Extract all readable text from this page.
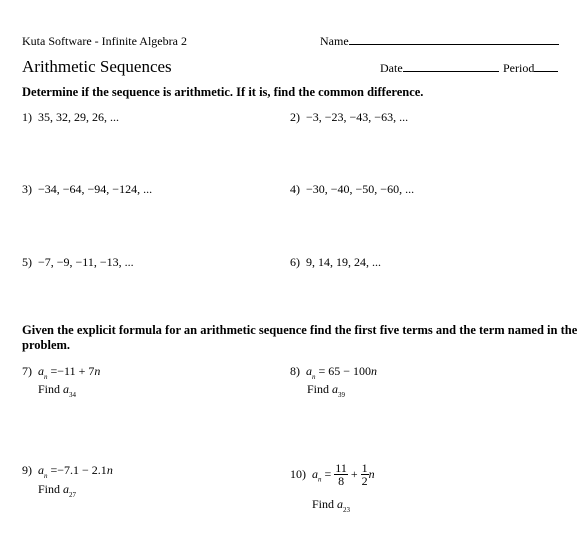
Kuta Software - Infinite Algebra 2	Name
Arithmetic Sequences	Date	Period
Determine if the sequence is arithmetic. If it is, find the common difference.
1) 35, 32, 29, 26, ...	2) −3, −23, −43, −63, ...
3) −34, −64, −94, −124, ...	4) −30, −40, −50, −60, ...
5) −7, −9, −11, −13, ...	6) 9, 14, 19, 24, ...
Given the explicit formula for an arithmetic sequence find the first five terms and the term named in the
problem.
7) $a_n =-11 + 7n$
Find $a_{34}$
8) $a_n = 65 - 100n$
Find $a_{39}$
9) $a_n =-7.1 - 2.1n$
Find $a_{27}$
10) $a_n = \frac{11}{8} + \frac{1}{2}$ n
Find $a_{23}$
